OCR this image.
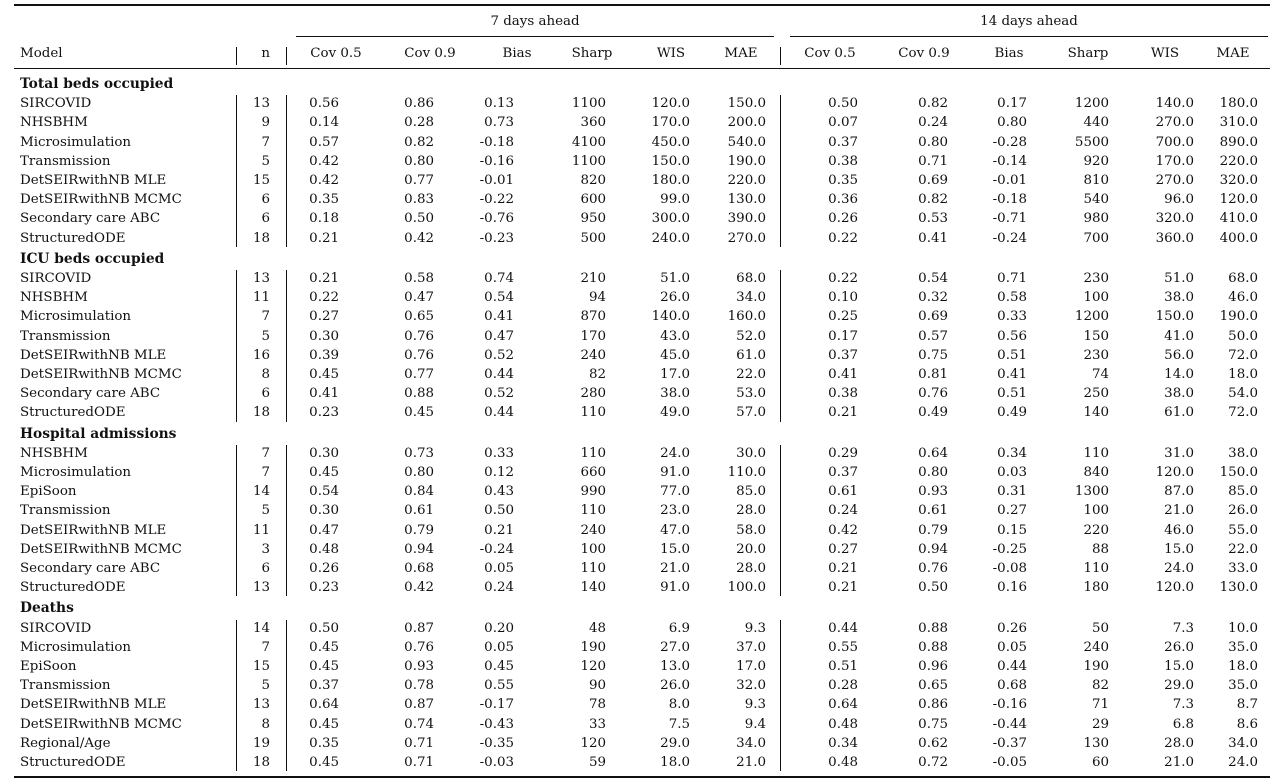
7 days ahead	14 days ahead
Model	n	Cov 0.5	Cov 0.9	Bias	Sharp	WIS	MAE	Cov 0.5	Cov 0.9	Bias	Sharp	WIS	MAE
Total beds occupied
SIRCOVID	13	0.56	0.86	0.13	1100	120.0	150.0	0.50	0.82	0.17	1200	140.0	180.0
NHSBHM	9	0.14	0.28	0.73	360	170.0	200.0	0.07	0.24	0.80	440	270.0	310.0
Microsimulation	7	0.57	0.82	-0.18	4100	450.0	540.0	0.37	0.80	-0.28	5500	700.0	890.0
Transmission	5	0.42	0.80	-0.16	1100	150.0	190.0	0.38	0.71	-0.14	920	170.0	220.0
DetSEIRwithNB MLE	15	0.42	0.77	-0.01	820	180.0	220.0	0.35	0.69	-0.01	810	270.0	320.0
DetSEIRwithNB MCMC	6	0.35	0.83	-0.22	600	99.0	130.0	0.36	0.82	-0.18	540	96.0	120.0
Secondary care ABC	6	0.18	0.50	-0.76	950	300.0	390.0	0.26	0.53	-0.71	980	320.0	410.0
StructuredODE	18	0.21	0.42	-0.23	500	240.0	270.0	0.22	0.41	-0.24	700	360.0	400.0
ICU beds occupied
SIRCOVID	13	0.21	0.58	0.74	210	51.0	68.0	0.22	0.54	0.71	230	51.0	68.0
NHSBHM	11	0.22	0.47	0.54	94	26.0	34.0	0.10	0.32	0.58	100	38.0	46.0
Microsimulation	7	0.27	0.65	0.41	870	140.0	160.0	0.25	0.69	0.33	1200	150.0	190.0
Transmission	5	0.30	0.76	0.47	170	43.0	52.0	0.17	0.57	0.56	150	41.0	50.0
DetSEIRwithNB MLE	16	0.39	0.76	0.52	240	45.0	61.0	0.37	0.75	0.51	230	56.0	72.0
DetSEIRwithNB MCMC	8	0.45	0.77	0.44	82	17.0	22.0	0.41	0.81	0.41	74	14.0	18.0
Secondary care ABC	6	0.41	0.88	0.52	280	38.0	53.0	0.38	0.76	0.51	250	38.0	54.0
StructuredODE	18	0.23	0.45	0.44	110	49.0	57.0	0.21	0.49	0.49	140	61.0	72.0
Hospital admissions
NHSBHM	7	0.30	0.73	0.33	110	24.0	30.0	0.29	0.64	0.34	110	31.0	38.0
Microsimulation	7	0.45	0.80	0.12	660	91.0	110.0	0.37	0.80	0.03	840	120.0	150.0
EpiSoon	14	0.54	0.84	0.43	990	77.0	85.0	0.61	0.93	0.31	1300	87.0	85.0
Transmission	5	0.30	0.61	0.50	110	23.0	28.0	0.24	0.61	0.27	100	21.0	26.0
DetSEIRwithNB MLE	11	0.47	0.79	0.21	240	47.0	58.0	0.42	0.79	0.15	220	46.0	55.0
DetSEIRwithNB MCMC	3	0.48	0.94	-0.24	100	15.0	20.0	0.27	0.94	-0.25	88	15.0	22.0
Secondary care ABC	6	0.26	0.68	0.05	110	21.0	28.0	0.21	0.76	-0.08	110	24.0	33.0
StructuredODE	13	0.23	0.42	0.24	140	91.0	100.0	0.21	0.50	0.16	180	120.0	130.0
Deaths
SIRCOVID	14	0.50	0.87	0.20	48	6.9	9.3	0.44	0.88	0.26	50	7.3	10.0
Microsimulation	7	0.45	0.76	0.05	190	27.0	37.0	0.55	0.88	0.05	240	26.0	35.0
EpiSoon	15	0.45	0.93	0.45	120	13.0	17.0	0.51	0.96	0.44	190	15.0	18.0
Transmission	5	0.37	0.78	0.55	90	26.0	32.0	0.28	0.65	0.68	82	29.0	35.0
DetSEIRwithNB MLE	13	0.64	0.87	-0.17	78	8.0	9.3	0.64	0.86	-0.16	71	7.3	8.7
DetSEIRwithNB MCMC	8	0.45	0.74	-0.43	33	7.5	9.4	0.48	0.75	-0.44	29	6.8	8.6
Regional/Age	19	0.35	0.71	-0.35	120	29.0	34.0	0.34	0.62	-0.37	130	28.0	34.0
StructuredODE	18	0.45	0.71	-0.03	59	18.0	21.0	0.48	0.72	-0.05	60	21.0	24.0
